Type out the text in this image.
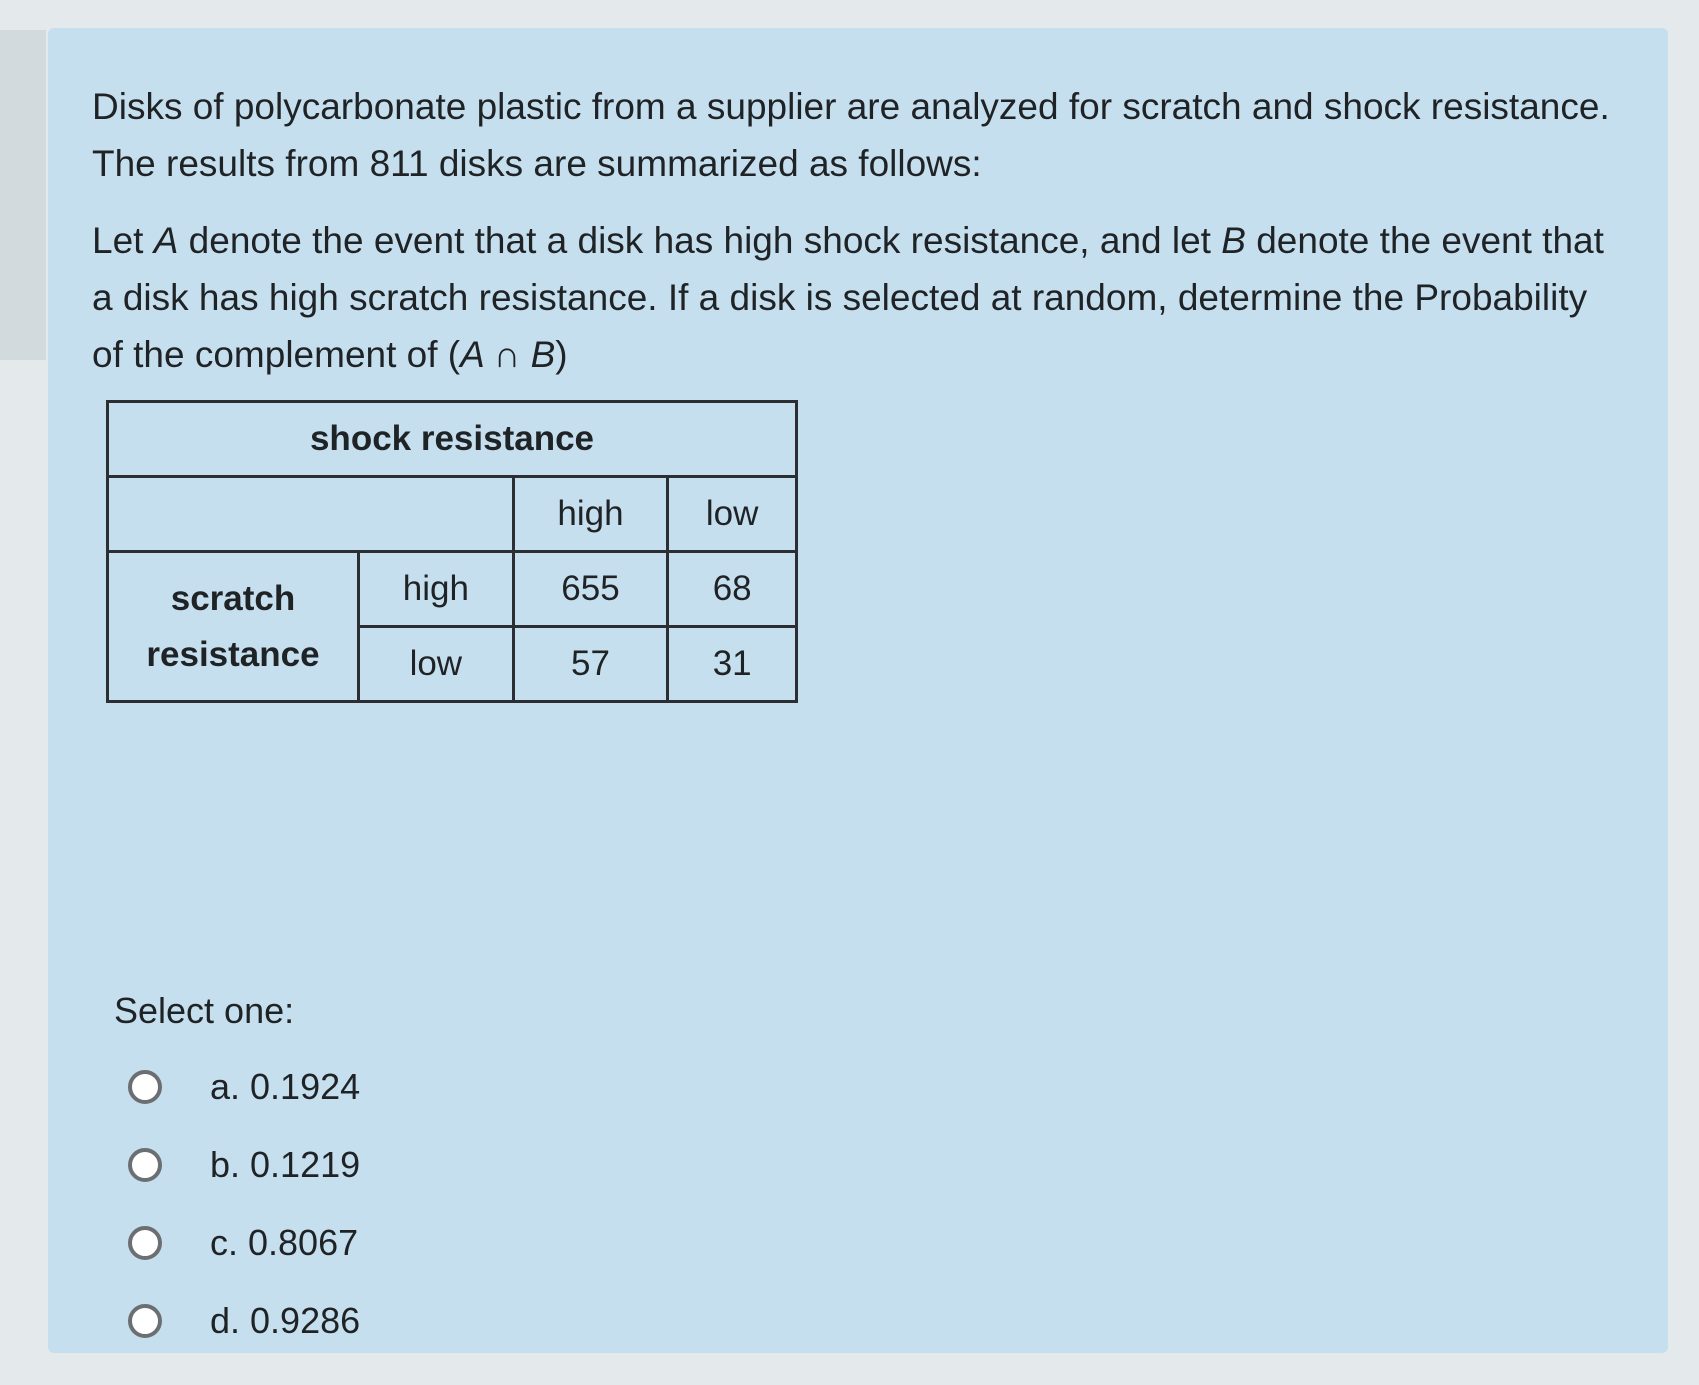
Disks of polycarbonate plastic from a supplier are analyzed for scratch and shock resistance. The results from 811 disks are summarized as follows:

Let A denote the event that a disk has high shock resistance, and let B denote the event that a disk has high scratch resistance. If a disk is selected at random, determine the Probability of the complement of (A ∩ B)

shock resistance			
		high	low
scratch
resistance	high	655	68
	low	57	31

Select one:

a. 0.1924
b. 0.1219
c. 0.8067
d. 0.9286
